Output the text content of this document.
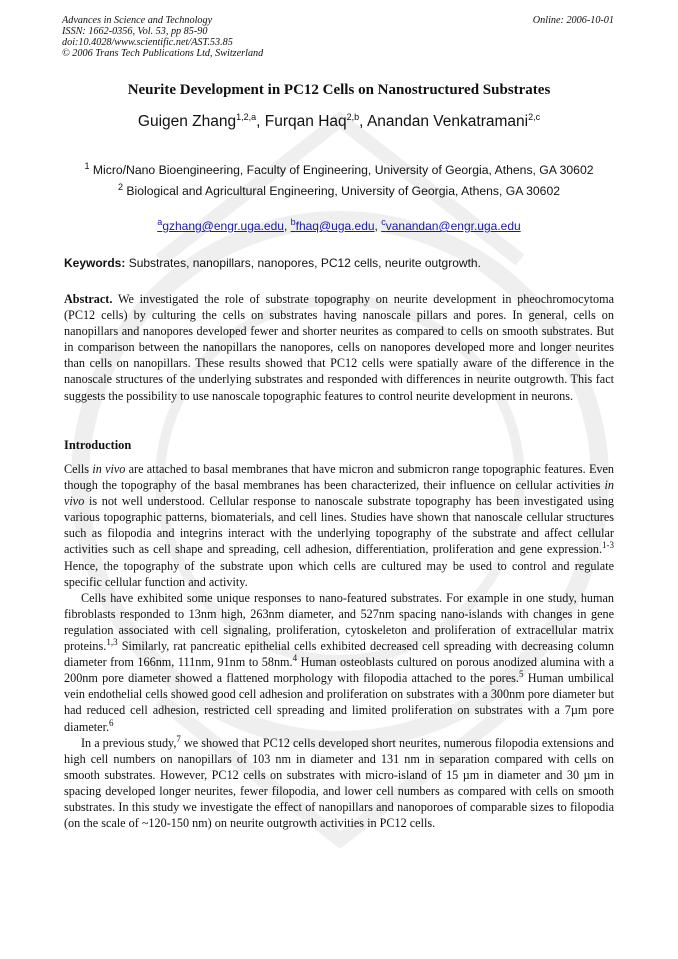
Advances in Science and Technology
ISSN: 1662-0356, Vol. 53, pp 85-90
doi:10.4028/www.scientific.net/AST.53.85
© 2006 Trans Tech Publications Ltd, Switzerland
Online: 2006-10-01
Neurite Development in PC12 Cells on Nanostructured Substrates
Guigen Zhang$^{1,2,a}$, Furqan Haq$^{2,b}$, Anandan Venkatramani$^{2,c}$
$^1$ Micro/Nano Bioengineering, Faculty of Engineering, University of Georgia, Athens, GA 30602
$^2$ Biological and Agricultural Engineering, University of Georgia, Athens, GA 30602
$^a$gzhang@engr.uga.edu, $^b$fhaq@uga.edu, $^c$vanandan@engr.uga.edu
Keywords: Substrates, nanopillars, nanopores, PC12 cells, neurite outgrowth.
Abstract. We investigated the role of substrate topography on neurite development in pheochromocytoma (PC12 cells) by culturing the cells on substrates having nanoscale pillars and pores. In general, cells on nanopillars and nanopores developed fewer and shorter neurites as compared to cells on smooth substrates. But in comparison between the nanopillars the nanopores, cells on nanopores developed more and longer neurites than cells on nanopillars. These results showed that PC12 cells were spatially aware of the difference in the nanoscale structures of the underlying substrates and responded with differences in neurite outgrowth. This fact suggests the possibility to use nanoscale topographic features to control neurite development in neurons.
Introduction

Cells in vivo are attached to basal membranes that have micron and submicron range topographic features. Even though the topography of the basal membranes has been characterized, their influence on cellular activities in vivo is not well understood. Cellular response to nanoscale substrate topography has been investigated using various topographic patterns, biomaterials, and cell lines. Studies have shown that nanoscale cellular structures such as filopodia and integrins interact with the underlying topography of the substrate and affect cellular activities such as cell shape and spreading, cell adhesion, differentiation, proliferation and gene expression.$^{1-3}$ Hence, the topography of the substrate upon which cells are cultured may be used to control and regulate specific cellular function and activity.

Cells have exhibited some unique responses to nano-featured substrates. For example in one study, human fibroblasts responded to 13nm high, 263nm diameter, and 527nm spacing nano-islands with changes in gene regulation associated with cell signaling, proliferation, cytoskeleton and proliferation of extracellular matrix proteins.$^{1,3}$ Similarly, rat pancreatic epithelial cells exhibited decreased cell spreading with decreasing column diameter from 166nm, 111nm, 91nm to 58nm.$^4$ Human osteoblasts cultured on porous anodized alumina with a 200nm pore diameter showed a flattened morphology with filopodia attached to the pores.$^5$ Human umbilical vein endothelial cells showed good cell adhesion and proliferation on substrates with a 300nm pore diameter but had reduced cell adhesion, restricted cell spreading and limited proliferation on substrates with a 7µm pore diameter.$^6$

In a previous study,$^7$ we showed that PC12 cells developed short neurites, numerous filopodia extensions and high cell numbers on nanopillars of 103 nm in diameter and 131 nm in separation compared with cells on smooth substrates. However, PC12 cells on substrates with micro-island of 15 µm in diameter and 30 µm in spacing developed longer neurites, fewer filopodia, and lower cell numbers as compared with cells on smooth substrates. In this study we investigate the effect of nanopillars and nanoporoes of comparable sizes to filopodia (on the scale of ~120-150 nm) on neurite outgrowth activities in PC12 cells.
